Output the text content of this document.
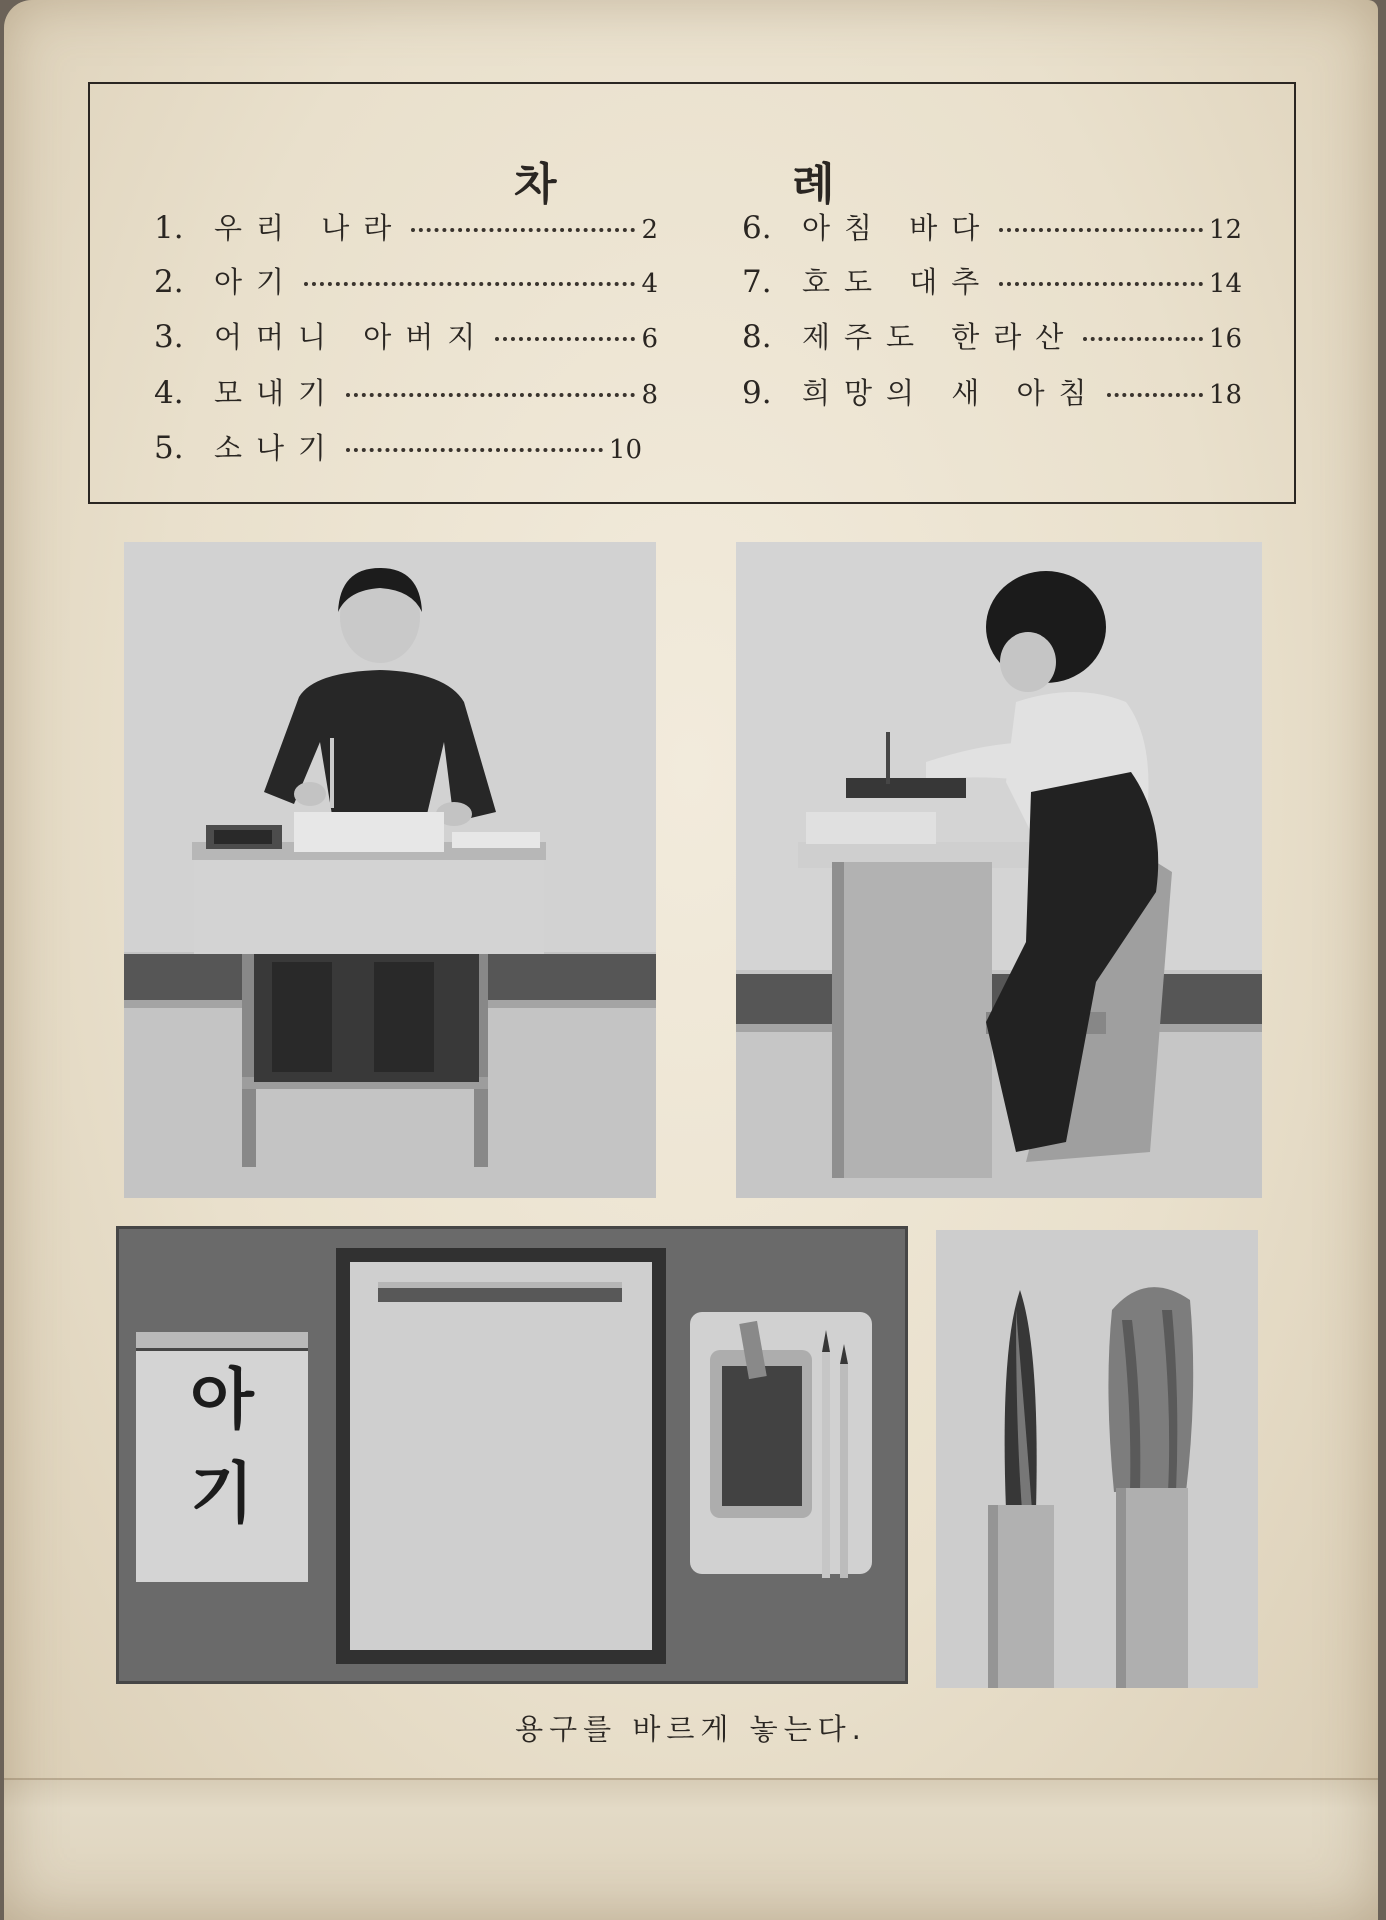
차	례
1.	우리 나라	2
2.	아기	4
3.	어머니 아버지	6
4.	모내기	8
5.	소나기	10
6.	아침 바다	12
7.	호도 대추	14
8.	제주도 한라산	16
9.	희망의 새 아침	18
아
기
용구를 바르게 놓는다.
